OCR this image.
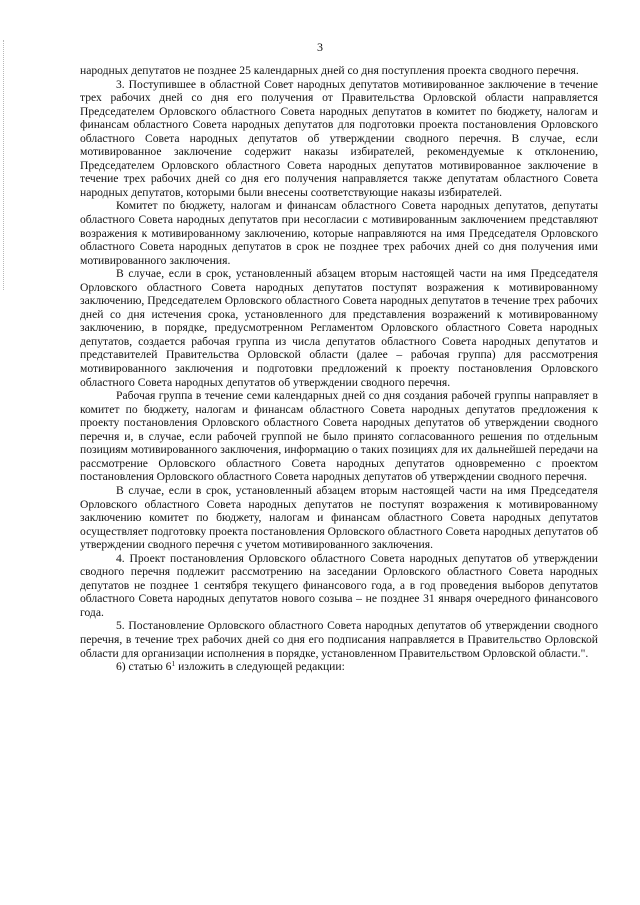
3

народных депутатов не позднее 25 календарных дней со дня поступления проекта сводного перечня.

3. Поступившее в областной Совет народных депутатов мотивированное заключение в течение трех рабочих дней со дня его получения от Правительства Орловской области направляется Председателем Орловского областного Совета народных депутатов в комитет по бюджету, налогам и финансам областного Совета народных депутатов для подготовки проекта постановления Орловского областного Совета народных депутатов об утверждении сводного перечня. В случае, если мотивированное заключение содержит наказы избирателей, рекомендуемые к отклонению, Председателем Орловского областного Совета народных депутатов мотивированное заключение в течение трех рабочих дней со дня его получения направляется также депутатам областного Совета народных депутатов, которыми были внесены соответствующие наказы избирателей.

Комитет по бюджету, налогам и финансам областного Совета народных депутатов, депутаты областного Совета народных депутатов при несогласии с мотивированным заключением представляют возражения к мотивированному заключению, которые направляются на имя Председателя Орловского областного Совета народных депутатов в срок не позднее трех рабочих дней со дня получения ими мотивированного заключения.

В случае, если в срок, установленный абзацем вторым настоящей части на имя Председателя Орловского областного Совета народных депутатов поступят возражения к мотивированному заключению, Председателем Орловского областного Совета народных депутатов в течение трех рабочих дней со дня истечения срока, установленного для представления возражений к мотивированному заключению, в порядке, предусмотренном Регламентом Орловского областного Совета народных депутатов, создается рабочая группа из числа депутатов областного Совета народных депутатов и представителей Правительства Орловской области (далее – рабочая группа) для рассмотрения мотивированного заключения и подготовки предложений к проекту постановления Орловского областного Совета народных депутатов об утверждении сводного перечня.

Рабочая группа в течение семи календарных дней со дня создания рабочей группы направляет в комитет по бюджету, налогам и финансам областного Совета народных депутатов предложения к проекту постановления Орловского областного Совета народных депутатов об утверждении сводного перечня и, в случае, если рабочей группой не было принято согласованного решения по отдельным позициям мотивированного заключения, информацию о таких позициях для их дальнейшей передачи на рассмотрение Орловского областного Совета народных депутатов одновременно с проектом постановления Орловского областного Совета народных депутатов об утверждении сводного перечня.

В случае, если в срок, установленный абзацем вторым настоящей части на имя Председателя Орловского областного Совета народных депутатов не поступят возражения к мотивированному заключению комитет по бюджету, налогам и финансам областного Совета народных депутатов осуществляет подготовку проекта постановления Орловского областного Совета народных депутатов об утверждении сводного перечня с учетом мотивированного заключения.

4. Проект постановления Орловского областного Совета народных депутатов об утверждении сводного перечня подлежит рассмотрению на заседании Орловского областного Совета народных депутатов не позднее 1 сентября текущего финансового года, а в год проведения выборов депутатов областного Совета народных депутатов нового созыва – не позднее 31 января очередного финансового года.

5. Постановление Орловского областного Совета народных депутатов об утверждении сводного перечня, в течение трех рабочих дней со дня его подписания направляется в Правительство Орловской области для организации исполнения в порядке, установленном Правительством Орловской области.".

6) статью $6^1$ изложить в следующей редакции:
